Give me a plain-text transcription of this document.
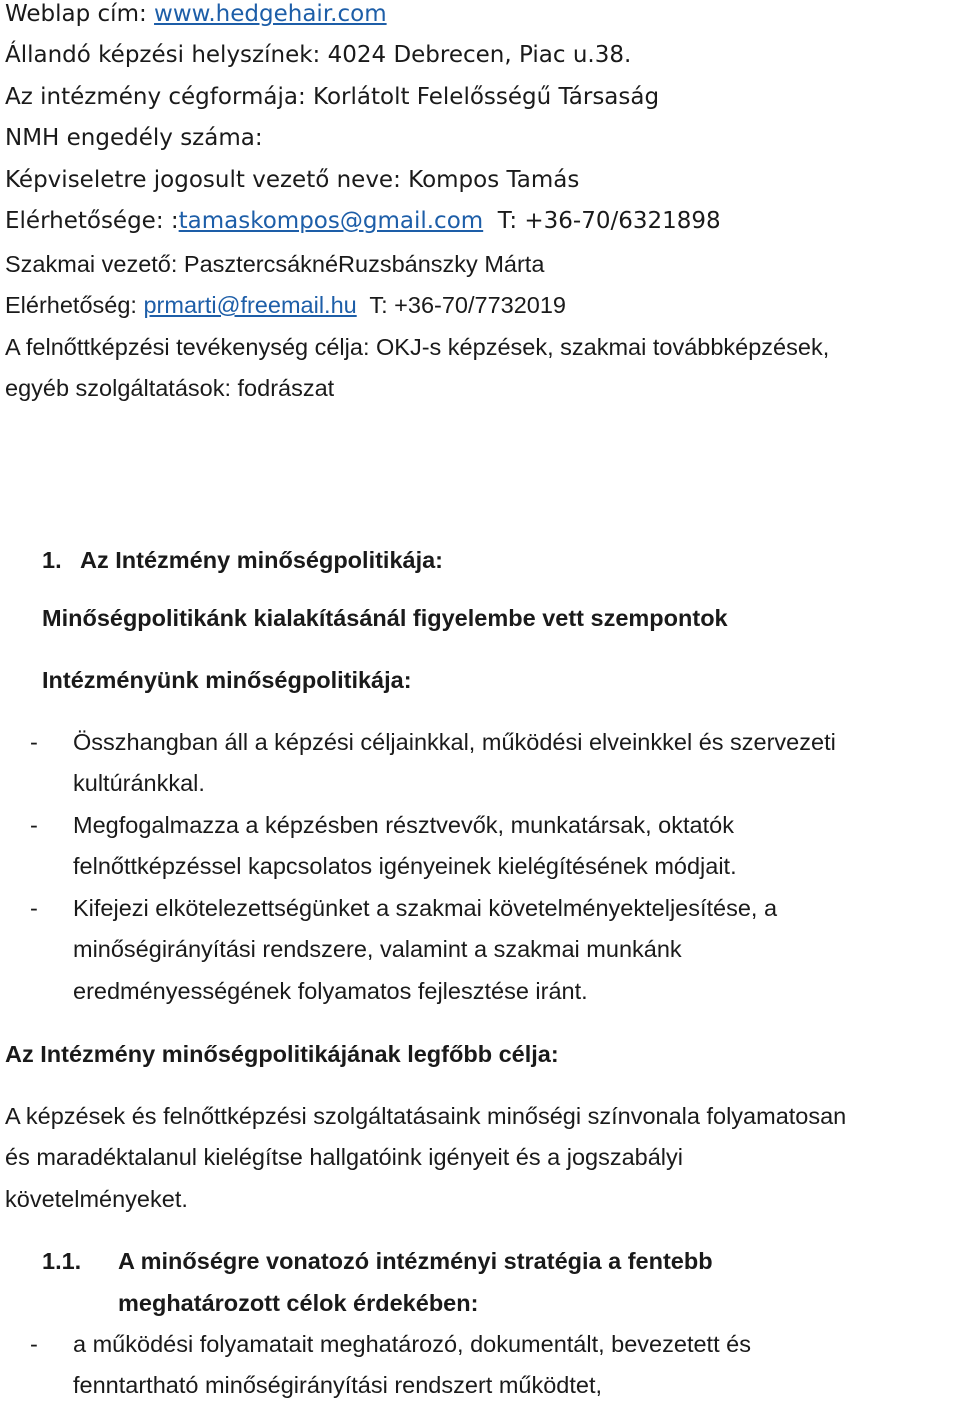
Weblap cím: www.hedgehair.com
Állandó képzési helyszínek: 4024 Debrecen, Piac u.38.
Az intézmény cégformája: Korlátolt Felelősségű Társaság
NMH engedély száma:
Képviseletre jogosult vezető neve: Kompos Tamás
Elérhetősége: :tamaskompos@gmail.com  T: +36-70/6321898
Szakmai vezető: PasztercsáknéRuzsbánszky Márta
Elérhetőség: prmarti@freemail.hu  T: +36-70/7732019
A felnőttképzési tevékenység célja: OKJ-s képzések, szakmai továbbképzések,
egyéb szolgáltatások: fodrászat
1. Az Intézmény minőségpolitikája:
Minőségpolitikánk kialakításánál figyelembe vett szempontok
Intézményünk minőségpolitikája:
- Összhangban áll a képzési céljainkkal, működési elveinkkel és szervezeti
kultúránkkal.
- Megfogalmazza a képzésben résztvevők, munkatársak, oktatók
felnőttképzéssel kapcsolatos igényeinek kielégítésének módjait.
- Kifejezi elkötelezettségünket a szakmai követelményekteljesítése, a
minőségirányítási rendszere, valamint a szakmai munkánk
eredményességének folyamatos fejlesztése iránt.
Az Intézmény minőségpolitikájának legfőbb célja:
A képzések és felnőttképzési szolgáltatásaink minőségi színvonala folyamatosan
és maradéktalanul kielégítse hallgatóink igényeit és a jogszabályi
követelményeket.
1.1. A minőségre vonatozó intézményi stratégia a fentebb
meghatározott célok érdekében:
- a működési folyamatait meghatározó, dokumentált, bevezetett és
fenntartható minőségirányítási rendszert működtet,
